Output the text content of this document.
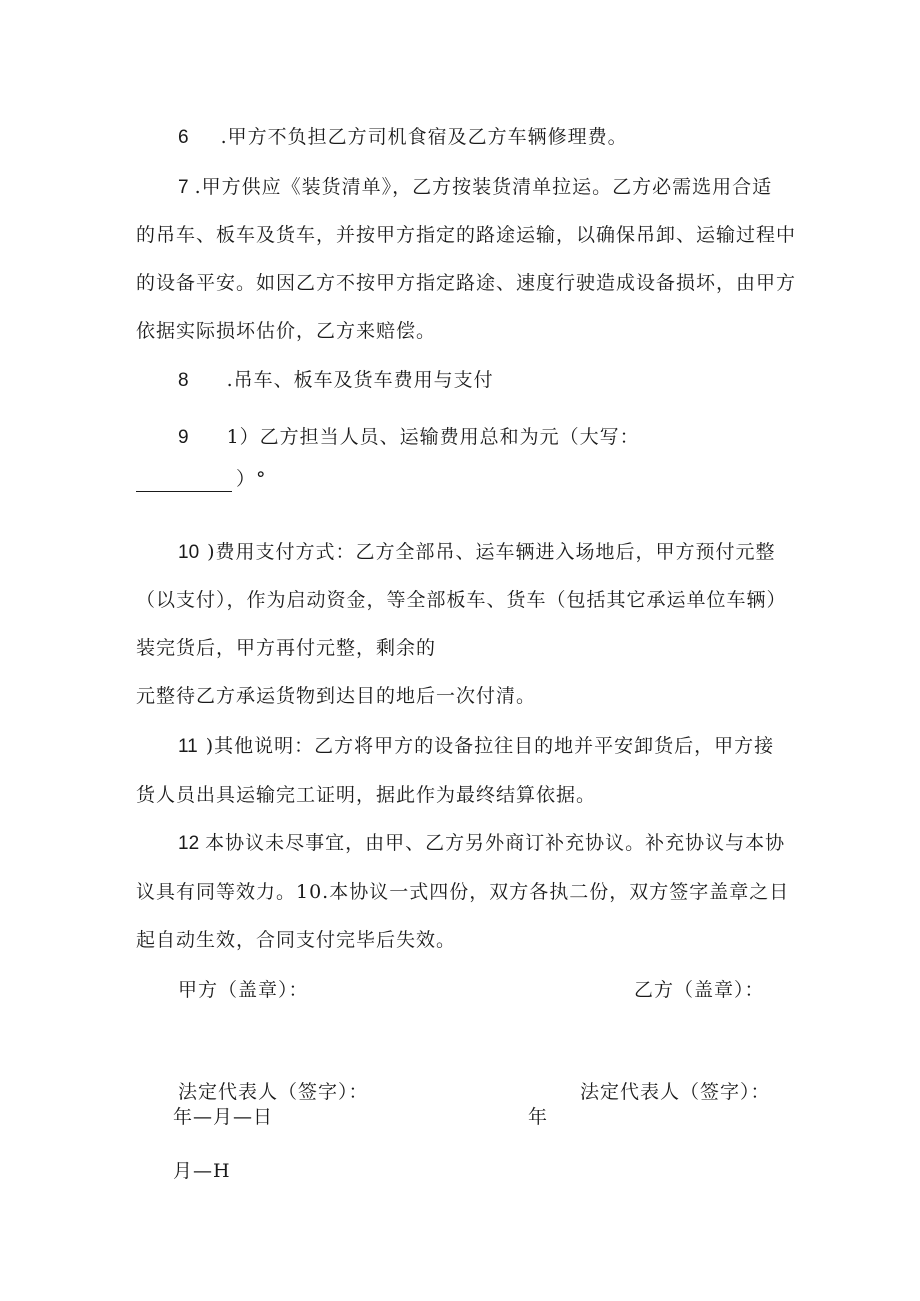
6 .甲方不负担乙方司机食宿及乙方车辆修理费。
7 .甲方供应《装货清单》，乙方按装货清单拉运。乙方必需选用合适
的吊车、板车及货车，并按甲方指定的路途运输，以确保吊卸、运输过程中
的设备平安。如因乙方不按甲方指定路途、速度行驶造成设备损坏，由甲方
依据实际损坏估价，乙方来赔偿。
8 .吊车、板车及货车费用与支付
9 1）乙方担当人员、运输费用总和为元（大写：
）°
10 )费用支付方式：乙方全部吊、运车辆进入场地后，甲方预付元整
（以支付），作为启动资金，等全部板车、货车（包括其它承运单位车辆）
装完货后，甲方再付元整，剩余的
元整待乙方承运货物到达目的地后一次付清。
11 )其他说明：乙方将甲方的设备拉往目的地并平安卸货后，甲方接
货人员出具运输完工证明，据此作为最终结算依据。
12 本协议未尽事宜，由甲、乙方另外商订补充协议。补充协议与本协
议具有同等效力。10.本协议一式四份，双方各执二份，双方签字盖章之日
起自动生效，合同支付完毕后失效。
甲方（盖章）：	乙方（盖章）：
法定代表人（签字）：	法定代表人（签字）：
年—月—日	年
月—H
